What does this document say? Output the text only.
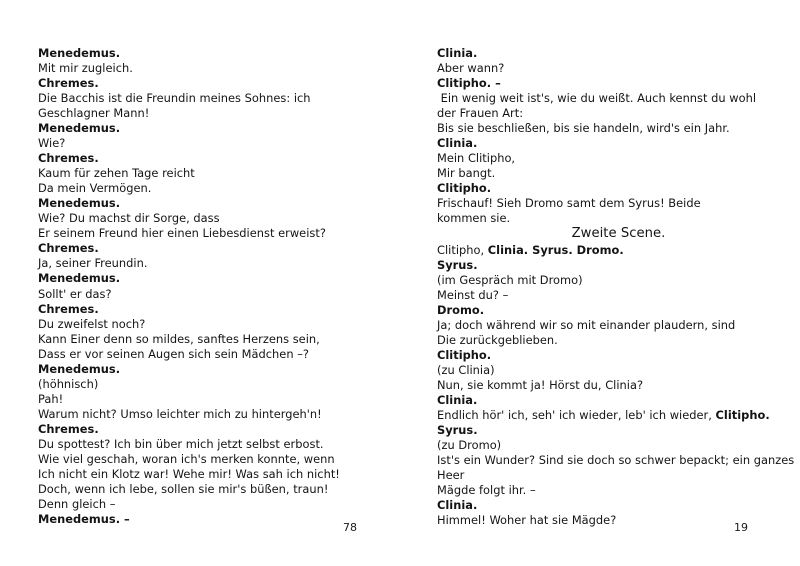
Menedemus.
Mit mir zugleich.
Chremes.
Die Bacchis ist die Freundin meines Sohnes: ich
Geschlagner Mann!
Menedemus.
Wie?
Chremes.
Kaum für zehen Tage reicht
Da mein Vermögen.
Menedemus.
Wie? Du machst dir Sorge, dass
Er seinem Freund hier einen Liebesdienst erweist?
Chremes.
Ja, seiner Freundin.
Menedemus.
Sollt' er das?
Chremes.
Du zweifelst noch?
Kann Einer denn so mildes, sanftes Herzens sein,
Dass er vor seinen Augen sich sein Mädchen –?
Menedemus.
(höhnisch)
Pah!
Warum nicht? Umso leichter mich zu hintergeh'n!
Chremes.
Du spottest? Ich bin über mich jetzt selbst erbost.
Wie viel geschah, woran ich's merken konnte, wenn
Ich nicht ein Klotz war! Wehe mir! Was sah ich nicht!
Doch, wenn ich lebe, sollen sie mir's büßen, traun!
Denn gleich –
Menedemus. –
Clinia.
Aber wann?
Clitipho. –
Ein wenig weit ist's, wie du weißt. Auch kennst du wohl
der Frauen Art:
Bis sie beschließen, bis sie handeln, wird's ein Jahr.
Clinia.
Mein Clitipho,
Mir bangt.
Clitipho.
Frischauf! Sieh Dromo samt dem Syrus! Beide
kommen sie.
Zweite Scene.
Clitipho, Clinia. Syrus. Dromo.
Syrus.
(im Gespräch mit Dromo)
Meinst du? –
Dromo.
Ja; doch während wir so mit einander plaudern, sind
Die zurückgeblieben.
Clitipho.
(zu Clinia)
Nun, sie kommt ja! Hörst du, Clinia?
Clinia.
Endlich hör' ich, seh' ich wieder, leb' ich wieder, Clitipho.
Syrus.
(zu Dromo)
Ist's ein Wunder? Sind sie doch so schwer bepackt; ein ganzes
Heer
Mägde folgt ihr. –
Clinia.
Himmel! Woher hat sie Mägde?
78	19
